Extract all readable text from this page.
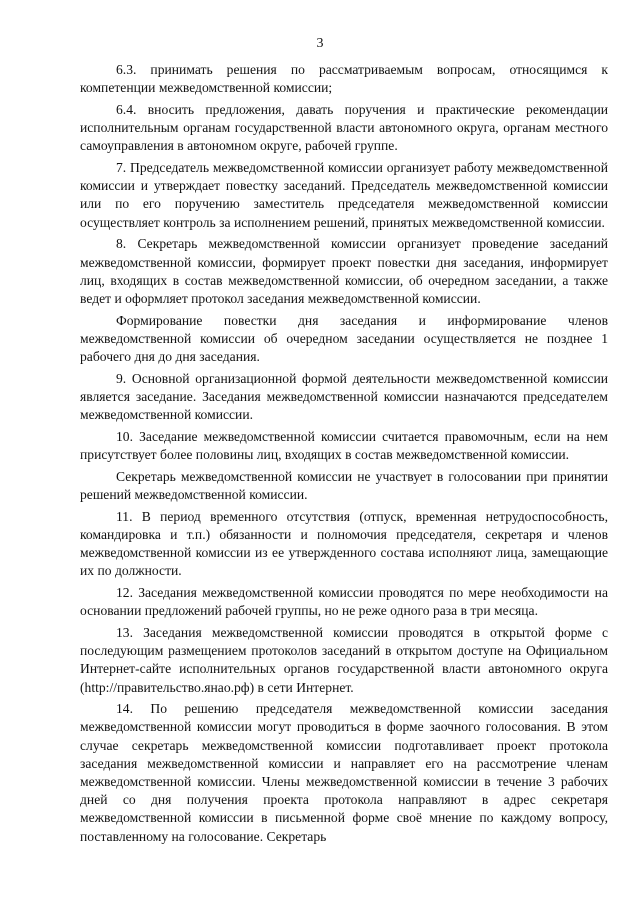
3

6.3. принимать решения по рассматриваемым вопросам, относящимся к компетенции межведомственной комиссии;

6.4. вносить предложения, давать поручения и практические рекомендации исполнительным органам государственной власти автономного округа, органам местного самоуправления в автономном округе, рабочей группе.

7. Председатель межведомственной комиссии организует работу межведомственной комиссии и утверждает повестку заседаний. Председатель межведомственной комиссии или по его поручению заместитель председателя межведомственной комиссии осуществляет контроль за исполнением решений, принятых межведомственной комиссии.

8. Секретарь межведомственной комиссии организует проведение заседаний межведомственной комиссии, формирует проект повестки дня заседания, информирует лиц, входящих в состав межведомственной комиссии, об очередном заседании, а также ведет и оформляет протокол заседания межведомственной комиссии.

Формирование повестки дня заседания и информирование членов межведомственной комиссии об очередном заседании осуществляется не позднее 1 рабочего дня до дня заседания.

9. Основной организационной формой деятельности межведомственной комиссии является заседание. Заседания межведомственной комиссии назначаются председателем межведомственной комиссии.

10. Заседание межведомственной комиссии считается правомочным, если на нем присутствует более половины лиц, входящих в состав межведомственной комиссии.

Секретарь межведомственной комиссии не участвует в голосовании при принятии решений межведомственной комиссии.

11. В период временного отсутствия (отпуск, временная нетрудоспособность, командировка и т.п.) обязанности и полномочия председателя, секретаря и членов межведомственной комиссии из ее утвержденного состава исполняют лица, замещающие их по должности.

12. Заседания межведомственной комиссии проводятся по мере необходимости на основании предложений рабочей группы, но не реже одного раза в три месяца.

13. Заседания межведомственной комиссии проводятся в открытой форме с последующим размещением протоколов заседаний в открытом доступе на Официальном Интернет-сайте исполнительных органов государственной власти автономного округа (http://правительство.янао.рф) в сети Интернет.

14. По решению председателя межведомственной комиссии заседания межведомственной комиссии могут проводиться в форме заочного голосования. В этом случае секретарь межведомственной комиссии подготавливает проект протокола заседания межведомственной комиссии и направляет его на рассмотрение членам межведомственной комиссии. Члены межведомственной комиссии в течение 3 рабочих дней со дня получения проекта протокола направляют в адрес секретаря межведомственной комиссии в письменной форме своё мнение по каждому вопросу, поставленному на голосование. Секретарь
